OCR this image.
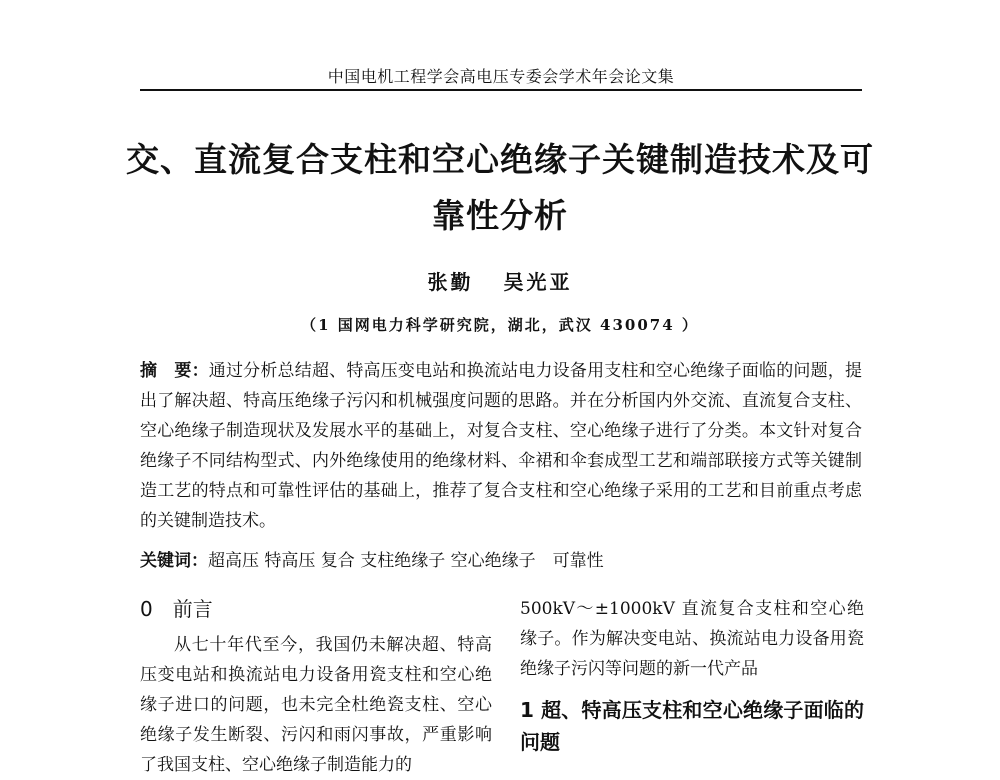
中国电机工程学会高电压专委会学术年会论文集
交、直流复合支柱和空心绝缘子关键制造技术及可靠性分析
张勤 吴光亚
（1 国网电力科学研究院，湖北，武汉 430074 ）
摘　要：通过分析总结超、特高压变电站和换流站电力设备用支柱和空心绝缘子面临的问题，提出了解决超、特高压绝缘子污闪和机械强度问题的思路。并在分析国内外交流、直流复合支柱、空心绝缘子制造现状及发展水平的基础上，对复合支柱、空心绝缘子进行了分类。本文针对复合绝缘子不同结构型式、内外绝缘使用的绝缘材料、伞裙和伞套成型工艺和端部联接方式等关键制造工艺的特点和可靠性评估的基础上，推荐了复合支柱和空心绝缘子采用的工艺和目前重点考虑的关键制造技术。
关键词：超高压 特高压 复合 支柱绝缘子 空心绝缘子　可靠性

0　前言

从七十年代至今，我国仍未解决超、特高压变电站和换流站电力设备用瓷支柱和空心绝缘子进口的问题，也未完全杜绝瓷支柱、空心绝缘子发生断裂、污闪和雨闪事故，严重影响了我国支柱、空心绝缘子制造能力的

500kV～±1000kV 直流复合支柱和空心绝缘子。作为解决变电站、换流站电力设备用瓷绝缘子污闪等问题的新一代产品

1 超、特高压支柱和空心绝缘子面临的问题
